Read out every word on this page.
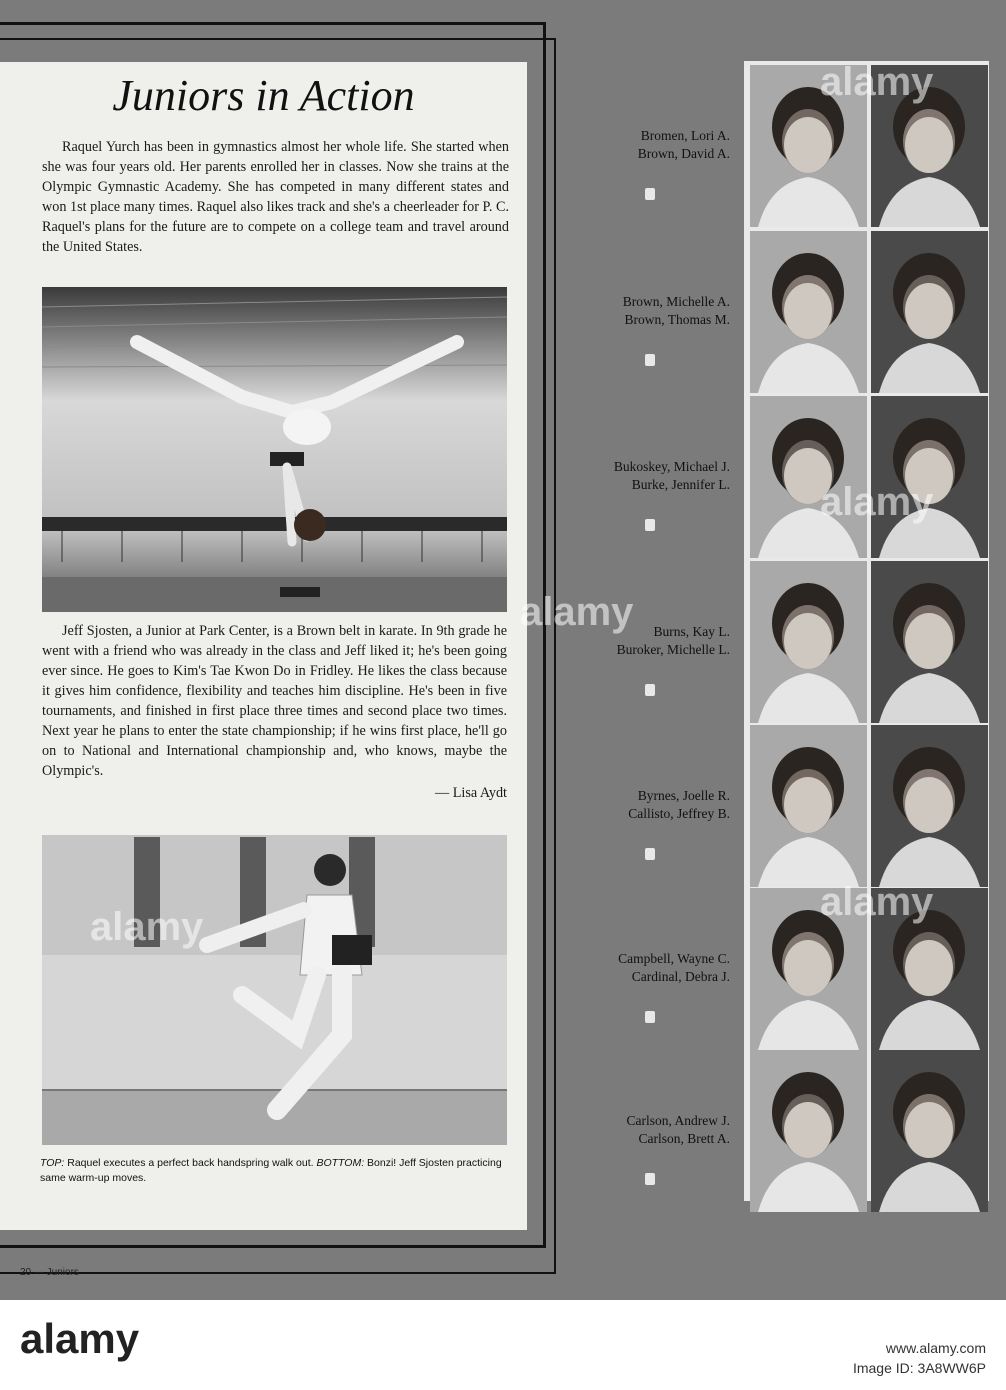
Juniors in Action
Raquel Yurch has been in gymnastics almost her whole life. She started when she was four years old. Her parents enrolled her in classes. Now she trains at the Olympic Gymnastic Academy. She has competed in many different states and won 1st place many times. Raquel also likes track and she's a cheerleader for P. C. Raquel's plans for the future are to compete on a college team and travel around the United States.
Jeff Sjosten, a Junior at Park Center, is a Brown belt in karate. In 9th grade he went with a friend who was already in the class and Jeff liked it; he's been going ever since. He goes to Kim's Tae Kwon Do in Fridley. He likes the class because it gives him confidence, flexibility and teaches him discipline. He's been in five tournaments, and finished in first place three times and second place two times. Next year he plans to enter the state championship; if he wins first place, he'll go on to National and International championship and, who knows, maybe the Olympic's.
— Lisa Aydt
TOP: Raquel executes a perfect back handspring walk out. BOTTOM: Bonzi! Jeff Sjosten practicing same warm-up moves.
20 — Juniors
Bromen, Lori A.
Brown, David A.
Brown, Michelle A.
Brown, Thomas M.
Bukoskey, Michael J.
Burke, Jennifer L.
Burns, Kay L.
Buroker, Michelle L.
Byrnes, Joelle R.
Callisto, Jeffrey B.
Campbell, Wayne C.
Cardinal, Debra J.
Carlson, Andrew J.
Carlson, Brett A.
alamy
alamy
alamy
alamy
alamy
alamy	www.alamy.com
Image ID: 3A8WW6P
